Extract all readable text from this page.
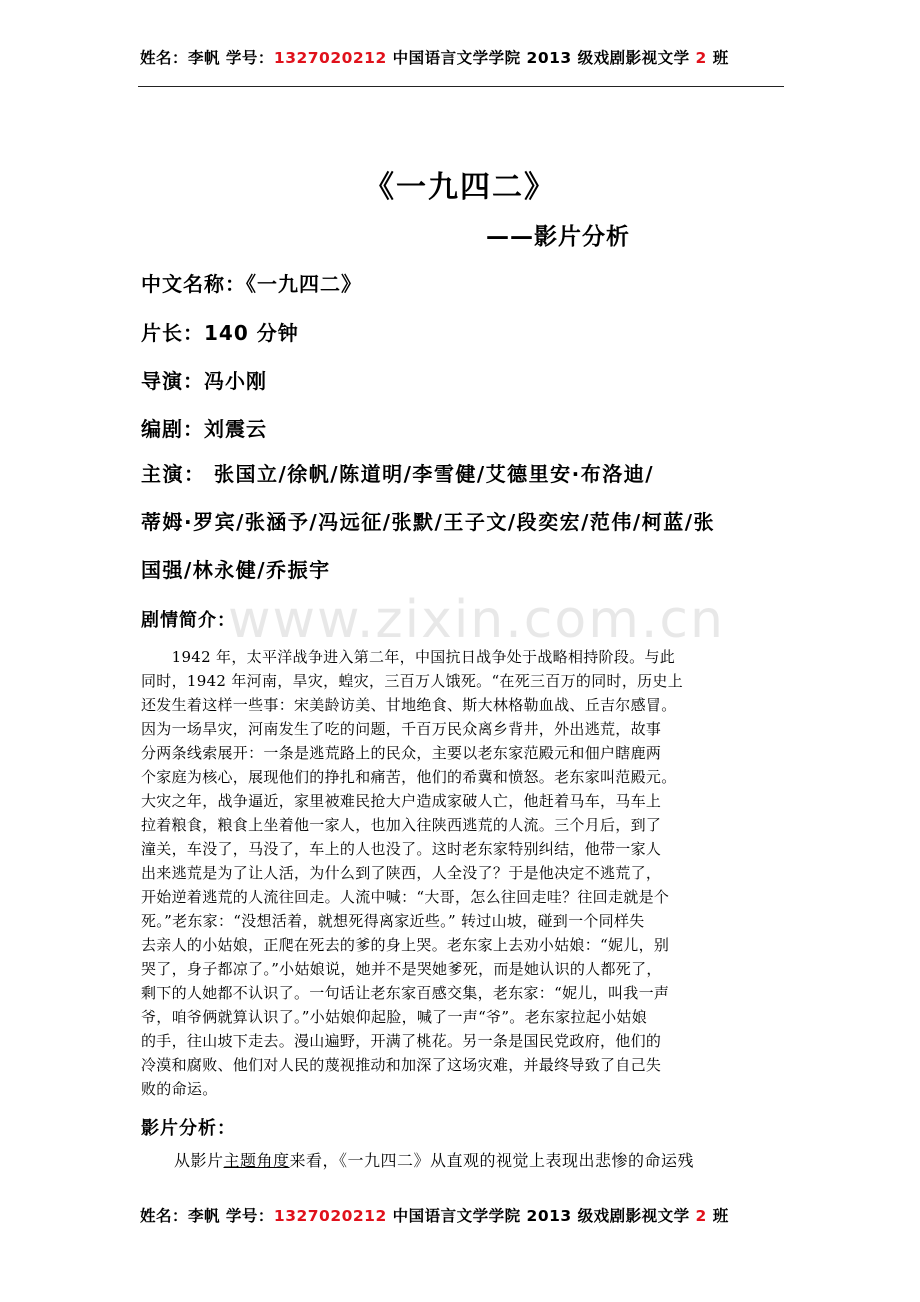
姓名：李帆 学号：1327020212 中国语言文学学院 2013 级戏剧影视文学 2 班
www.zixin.com.cn
《一九四二》
——影片分析
中文名称：《一九四二》
片长：140 分钟
导演：冯小刚
编剧：刘震云
主演： 张国立/徐帆/陈道明/李雪健/艾德里安·布洛迪/
蒂姆·罗宾/张涵予/冯远征/张默/王子文/段奕宏/范伟/柯蓝/张
国强/林永健/乔振宇
剧情简介：
　　1942 年，太平洋战争进入第二年，中国抗日战争处于战略相持阶段。与此
同时，1942 年河南，旱灾，蝗灾，三百万人饿死。“在死三百万的同时，历史上
还发生着这样一些事：宋美龄访美、甘地绝食、斯大林格勒血战、丘吉尔感冒。
因为一场旱灾，河南发生了吃的问题，千百万民众离乡背井，外出逃荒，故事
分两条线索展开：一条是逃荒路上的民众，主要以老东家范殿元和佃户瞎鹿两
个家庭为核心，展现他们的挣扎和痛苦，他们的希冀和愤怒。老东家叫范殿元。
大灾之年，战争逼近，家里被难民抢大户造成家破人亡，他赶着马车，马车上
拉着粮食，粮食上坐着他一家人，也加入往陕西逃荒的人流。三个月后，到了
潼关，车没了，马没了，车上的人也没了。这时老东家特别纠结，他带一家人
出来逃荒是为了让人活，为什么到了陕西，人全没了？于是他决定不逃荒了，
开始逆着逃荒的人流往回走。人流中喊：“大哥，怎么往回走哇？往回走就是个
死。”老东家：“没想活着，就想死得离家近些。” 转过山坡，碰到一个同样失
去亲人的小姑娘，正爬在死去的爹的身上哭。老东家上去劝小姑娘：“妮儿，别
哭了，身子都凉了。”小姑娘说，她并不是哭她爹死，而是她认识的人都死了，
剩下的人她都不认识了。一句话让老东家百感交集，老东家：“妮儿，叫我一声
爷，咱爷俩就算认识了。”小姑娘仰起脸，喊了一声“爷”。老东家拉起小姑娘
的手，往山坡下走去。漫山遍野，开满了桃花。另一条是国民党政府，他们的
冷漠和腐败、他们对人民的蔑视推动和加深了这场灾难，并最终导致了自己失
败的命运。
影片分析：
　　从影片主题角度来看，《一九四二》从直观的视觉上表现出悲惨的命运残
姓名：李帆 学号：1327020212 中国语言文学学院 2013 级戏剧影视文学 2 班
